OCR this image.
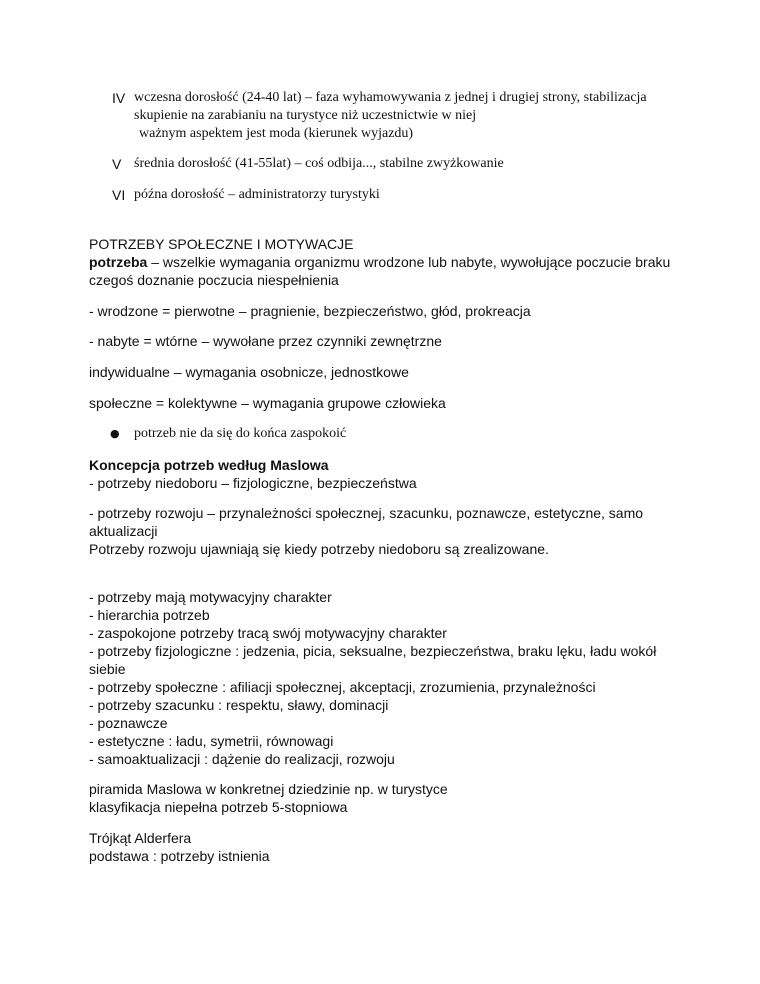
IV wczesna dorosłość (24-40 lat) – faza wyhamowywania z jednej i drugiej strony, stabilizacja
skupienie na zarabianiu na turystyce niż uczestnictwie w niej
ważnym aspektem jest moda (kierunek wyjazdu)
V średnia dorosłość (41-55lat) – coś odbija..., stabilne zwyżkowanie
VI późna dorosłość – administratorzy turystyki
POTRZEBY SPOŁECZNE I MOTYWACJE
potrzeba – wszelkie wymagania organizmu wrodzone lub nabyte, wywołujące poczucie braku
czegoś doznanie poczucia niespełnienia
- wrodzone = pierwotne – pragnienie, bezpieczeństwo, głód, prokreacja
- nabyte = wtórne – wywołane przez czynniki zewnętrzne
indywidualne – wymagania osobnicze, jednostkowe
społeczne = kolektywne – wymagania grupowe człowieka
● potrzeb nie da się do końca zaspokoić
Koncepcja potrzeb według Maslowa
- potrzeby niedoboru – fizjologiczne, bezpieczeństwa
- potrzeby rozwoju – przynależności społecznej, szacunku, poznawcze, estetyczne, samo
aktualizacji
Potrzeby rozwoju ujawniają się kiedy potrzeby niedoboru są zrealizowane.
- potrzeby mają motywacyjny charakter
- hierarchia potrzeb
- zaspokojone potrzeby tracą swój motywacyjny charakter
- potrzeby fizjologiczne : jedzenia, picia, seksualne, bezpieczeństwa, braku lęku, ładu wokół
siebie
- potrzeby społeczne : afiliacji społecznej, akceptacji, zrozumienia, przynależności
- potrzeby szacunku : respektu, sławy, dominacji
- poznawcze
- estetyczne : ładu, symetrii, równowagi
- samoaktualizacji : dążenie do realizacji, rozwoju
piramida Maslowa w konkretnej dziedzinie np. w turystyce
klasyfikacja niepełna potrzeb 5-stopniowa
Trójkąt Alderfera
podstawa : potrzeby istnienia
